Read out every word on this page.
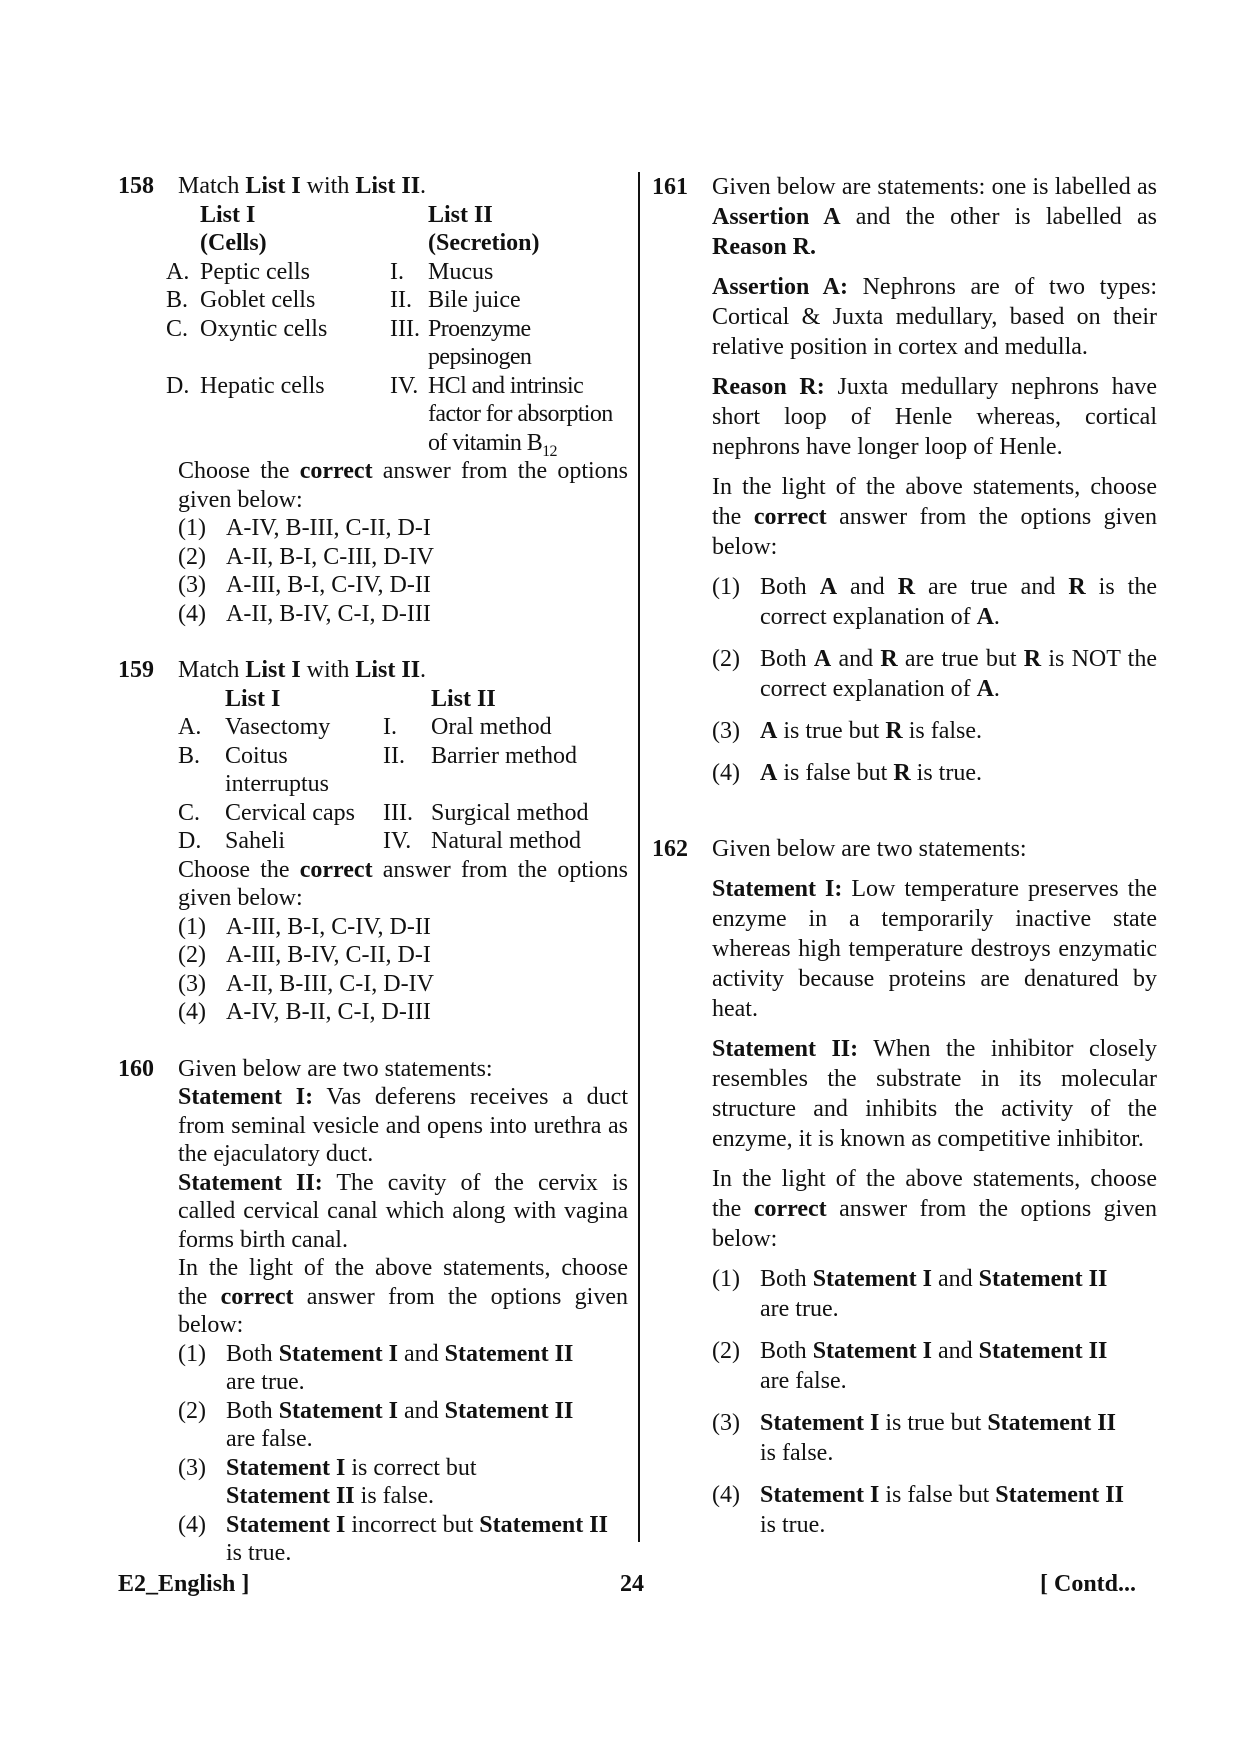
158 Match List I with List II.

	List I		List II
	(Cells)		(Secretion)
A.	Peptic cells	I.	Mucus
B.	Goblet cells	II.	Bile juice
C.	Oxyntic cells	III.	Proenzyme pepsinogen
D.	Hepatic cells	IV.	HCl and intrinsic factor for absorption of vitamin $B_{12}$

Choose the correct answer from the options given below:

(1) A-IV, B-III, C-II, D-I
(2) A-II, B-I, C-III, D-IV
(3) A-III, B-I, C-IV, D-II
(4) A-II, B-IV, C-I, D-III
159 Match List I with List II.

	List I		List II
A.	Vasectomy	I.	Oral method
B.	Coitus interruptus	II.	Barrier method
C.	Cervical caps	III.	Surgical method
D.	Saheli	IV.	Natural method

Choose the correct answer from the options given below:

(1) A-III, B-I, C-IV, D-II
(2) A-III, B-IV, C-II, D-I
(3) A-II, B-III, C-I, D-IV
(4) A-IV, B-II, C-I, D-III
160 Given below are two statements:

Statement I: Vas deferens receives a duct from seminal vesicle and opens into urethra as the ejaculatory duct.

Statement II: The cavity of the cervix is called cervical canal which along with vagina forms birth canal.

In the light of the above statements, choose the correct answer from the options given below:

(1) Both Statement I and Statement II
are true.
(2) Both Statement I and Statement II
are false.
(3) Statement I is correct but
Statement II is false.
(4) Statement I incorrect but Statement II
is true.
161 Given below are statements: one is labelled as Assertion A and the other is labelled as Reason R.

Assertion A: Nephrons are of two types: Cortical & Juxta medullary, based on their relative position in cortex and medulla.

Reason R: Juxta medullary nephrons have short loop of Henle whereas, cortical nephrons have longer loop of Henle.

In the light of the above statements, choose the correct answer from the options given below:

(1) Both A and R are true and R is the correct explanation of A.
(2) Both A and R are true but R is NOT the correct explanation of A.
(3) A is true but R is false.
(4) A is false but R is true.
162 Given below are two statements:

Statement I: Low temperature preserves the enzyme in a temporarily inactive state whereas high temperature destroys enzymatic activity because proteins are denatured by heat.

Statement II: When the inhibitor closely resembles the substrate in its molecular structure and inhibits the activity of the enzyme, it is known as competitive inhibitor.

In the light of the above statements, choose the correct answer from the options given below:

(1) Both Statement I and Statement II
are true.
(2) Both Statement I and Statement II
are false.
(3) Statement I is true but Statement II
is false.
(4) Statement I is false but Statement II
is true.
E2_English ]	24	[ Contd...
